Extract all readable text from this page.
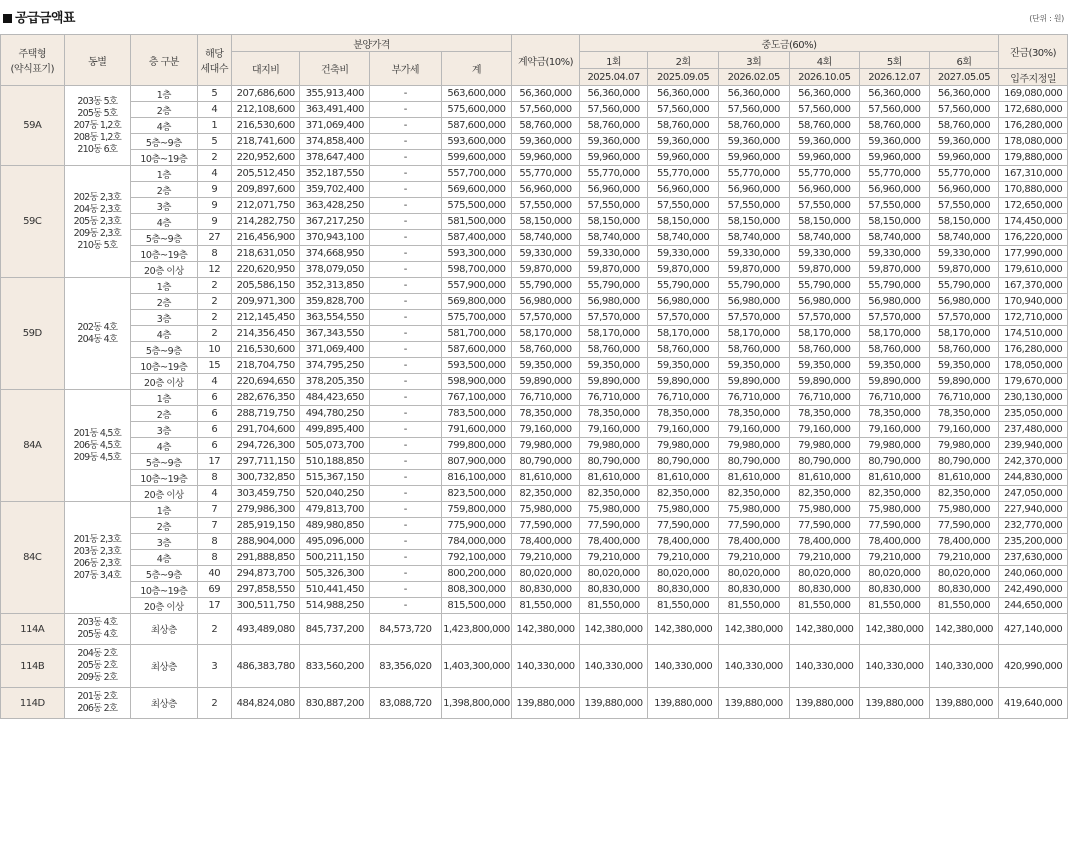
공급금액표	(단위 : 원)
주택형
(약식표기)	동별	층 구분	해당
세대수	분양가격				계약금(10%)	중도금(60%)						잔금(30%)
				대지비	건축비	부가세	계		1회	2회	3회	4회	5회	6회	
									2025.04.07	2025.09.05	2026.02.05	2026.10.05	2026.12.07	2027.05.05	입주지정일
59A	203동 5호
205동 5호
207동 1,2호
208동 1,2호
210동 6호	1층	5	207,686,600	355,913,400	-	563,600,000	56,360,000	56,360,000	56,360,000	56,360,000	56,360,000	56,360,000	56,360,000	169,080,000
		2층	4	212,108,600	363,491,400	-	575,600,000	57,560,000	57,560,000	57,560,000	57,560,000	57,560,000	57,560,000	57,560,000	172,680,000
		4층	1	216,530,600	371,069,400	-	587,600,000	58,760,000	58,760,000	58,760,000	58,760,000	58,760,000	58,760,000	58,760,000	176,280,000
		5층~9층	5	218,741,600	374,858,400	-	593,600,000	59,360,000	59,360,000	59,360,000	59,360,000	59,360,000	59,360,000	59,360,000	178,080,000
		10층~19층	2	220,952,600	378,647,400	-	599,600,000	59,960,000	59,960,000	59,960,000	59,960,000	59,960,000	59,960,000	59,960,000	179,880,000
59C	202동 2,3호
204동 2,3호
205동 2,3호
209동 2,3호
210동 5호	1층	4	205,512,450	352,187,550	-	557,700,000	55,770,000	55,770,000	55,770,000	55,770,000	55,770,000	55,770,000	55,770,000	167,310,000
		2층	9	209,897,600	359,702,400	-	569,600,000	56,960,000	56,960,000	56,960,000	56,960,000	56,960,000	56,960,000	56,960,000	170,880,000
		3층	9	212,071,750	363,428,250	-	575,500,000	57,550,000	57,550,000	57,550,000	57,550,000	57,550,000	57,550,000	57,550,000	172,650,000
		4층	9	214,282,750	367,217,250	-	581,500,000	58,150,000	58,150,000	58,150,000	58,150,000	58,150,000	58,150,000	58,150,000	174,450,000
		5층~9층	27	216,456,900	370,943,100	-	587,400,000	58,740,000	58,740,000	58,740,000	58,740,000	58,740,000	58,740,000	58,740,000	176,220,000
		10층~19층	8	218,631,050	374,668,950	-	593,300,000	59,330,000	59,330,000	59,330,000	59,330,000	59,330,000	59,330,000	59,330,000	177,990,000
		20층 이상	12	220,620,950	378,079,050	-	598,700,000	59,870,000	59,870,000	59,870,000	59,870,000	59,870,000	59,870,000	59,870,000	179,610,000
59D	202동 4호
204동 4호	1층	2	205,586,150	352,313,850	-	557,900,000	55,790,000	55,790,000	55,790,000	55,790,000	55,790,000	55,790,000	55,790,000	167,370,000
		2층	2	209,971,300	359,828,700	-	569,800,000	56,980,000	56,980,000	56,980,000	56,980,000	56,980,000	56,980,000	56,980,000	170,940,000
		3층	2	212,145,450	363,554,550	-	575,700,000	57,570,000	57,570,000	57,570,000	57,570,000	57,570,000	57,570,000	57,570,000	172,710,000
		4층	2	214,356,450	367,343,550	-	581,700,000	58,170,000	58,170,000	58,170,000	58,170,000	58,170,000	58,170,000	58,170,000	174,510,000
		5층~9층	10	216,530,600	371,069,400	-	587,600,000	58,760,000	58,760,000	58,760,000	58,760,000	58,760,000	58,760,000	58,760,000	176,280,000
		10층~19층	15	218,704,750	374,795,250	-	593,500,000	59,350,000	59,350,000	59,350,000	59,350,000	59,350,000	59,350,000	59,350,000	178,050,000
		20층 이상	4	220,694,650	378,205,350	-	598,900,000	59,890,000	59,890,000	59,890,000	59,890,000	59,890,000	59,890,000	59,890,000	179,670,000
84A	201동 4,5호
206동 4,5호
209동 4,5호	1층	6	282,676,350	484,423,650	-	767,100,000	76,710,000	76,710,000	76,710,000	76,710,000	76,710,000	76,710,000	76,710,000	230,130,000
		2층	6	288,719,750	494,780,250	-	783,500,000	78,350,000	78,350,000	78,350,000	78,350,000	78,350,000	78,350,000	78,350,000	235,050,000
		3층	6	291,704,600	499,895,400	-	791,600,000	79,160,000	79,160,000	79,160,000	79,160,000	79,160,000	79,160,000	79,160,000	237,480,000
		4층	6	294,726,300	505,073,700	-	799,800,000	79,980,000	79,980,000	79,980,000	79,980,000	79,980,000	79,980,000	79,980,000	239,940,000
		5층~9층	17	297,711,150	510,188,850	-	807,900,000	80,790,000	80,790,000	80,790,000	80,790,000	80,790,000	80,790,000	80,790,000	242,370,000
		10층~19층	8	300,732,850	515,367,150	-	816,100,000	81,610,000	81,610,000	81,610,000	81,610,000	81,610,000	81,610,000	81,610,000	244,830,000
		20층 이상	4	303,459,750	520,040,250	-	823,500,000	82,350,000	82,350,000	82,350,000	82,350,000	82,350,000	82,350,000	82,350,000	247,050,000
84C	201동 2,3호
203동 2,3호
206동 2,3호
207동 3,4호	1층	7	279,986,300	479,813,700	-	759,800,000	75,980,000	75,980,000	75,980,000	75,980,000	75,980,000	75,980,000	75,980,000	227,940,000
		2층	7	285,919,150	489,980,850	-	775,900,000	77,590,000	77,590,000	77,590,000	77,590,000	77,590,000	77,590,000	77,590,000	232,770,000
		3층	8	288,904,000	495,096,000	-	784,000,000	78,400,000	78,400,000	78,400,000	78,400,000	78,400,000	78,400,000	78,400,000	235,200,000
		4층	8	291,888,850	500,211,150	-	792,100,000	79,210,000	79,210,000	79,210,000	79,210,000	79,210,000	79,210,000	79,210,000	237,630,000
		5층~9층	40	294,873,700	505,326,300	-	800,200,000	80,020,000	80,020,000	80,020,000	80,020,000	80,020,000	80,020,000	80,020,000	240,060,000
		10층~19층	69	297,858,550	510,441,450	-	808,300,000	80,830,000	80,830,000	80,830,000	80,830,000	80,830,000	80,830,000	80,830,000	242,490,000
		20층 이상	17	300,511,750	514,988,250	-	815,500,000	81,550,000	81,550,000	81,550,000	81,550,000	81,550,000	81,550,000	81,550,000	244,650,000
114A	203동 4호
205동 4호	최상층	2	493,489,080	845,737,200	84,573,720	1,423,800,000	142,380,000	142,380,000	142,380,000	142,380,000	142,380,000	142,380,000	142,380,000	427,140,000
114B	204동 2호
205동 2호
209동 2호	최상층	3	486,383,780	833,560,200	83,356,020	1,403,300,000	140,330,000	140,330,000	140,330,000	140,330,000	140,330,000	140,330,000	140,330,000	420,990,000
114D	201동 2호
206동 2호	최상층	2	484,824,080	830,887,200	83,088,720	1,398,800,000	139,880,000	139,880,000	139,880,000	139,880,000	139,880,000	139,880,000	139,880,000	419,640,000
